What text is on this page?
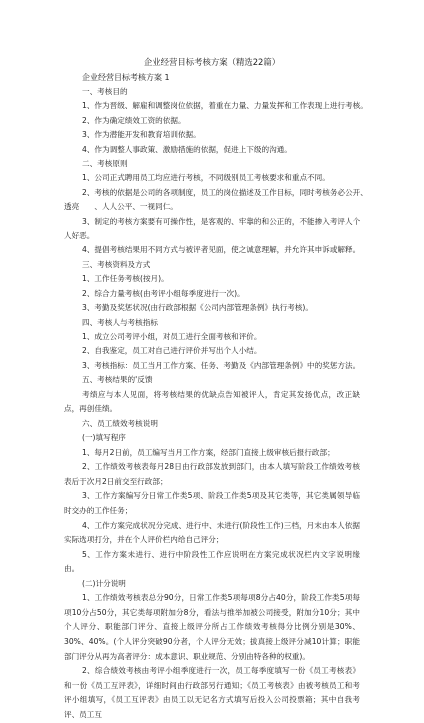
企业经营目标考核方案（精选22篇）
企业经营目标考核方案 1
一、考核目的
1、作为晋级、解雇和调整岗位依据，着重在力量、力量发挥和工作表现上进行考核。
2、作为确定绩效工资的依据。
3、作为潜能开发和教育培训依据。
4、作为调整人事政策、激励措施的依据，促进上下级的沟通。
二、考核原则
1、公司正式聘用员工均应进行考核，不同级别员工考核要求和重点不同。
2、考核的依据是公司的各项制度，员工的岗位描述及工作目标，同时考核务必公开、
透亮　　、人人公平、一视同仁。
3、制定的考核方案要有可操作性，是客观的、牢靠的和公正的，不能掺入考评人个
人好恶。
4、提倡考核结果用不同方式与被评者见面，使之诚意理解，并允许其申诉或解释。
三、考核资料及方式
1、工作任务考核(按月)。
2、综合力量考核(由考评小组每季度进行一次)。
3、考勤及奖惩状况(由行政部根据《公司内部管理条例》执行考核)。
四、考核人与考核指标
1、成立公司考评小组，对员工进行全面考核和评价。
2、自我鉴定，员工对自己进行评价并写出个人小结。
3、考核指标：员工当月工作方案、任务、考勤及《内部管理条例》中的奖惩方法。
五、考核结果的'反馈

考绩应与本人见面，将考核结果的优缺点告知被评人，肯定其发扬优点，改正缺点，再创佳绩。

六、员工绩效考核说明
(一)填写程序

1、每月2日前，员工编写当月工作方案，经部门直接上级审核后报行政部；

2、工作绩效考核表每月28日由行政部发放到部门，由本人填写阶段工作绩效考核表后于次月2日前交至行政部；

3、工作方案编写分日常工作类5项、阶段工作类5项及其它类等，其它类属领导临时交办的工作任务；

4、工作方案完成状况分完成、进行中、未进行(阶段性工作)三档，月末由本人依据实际选项打分，并在个人评价栏内给自己评分；

5、工作方案未进行、进行中阶段性工作应说明在方案完成状况栏内文字说明缘由。

(二)计分说明

1、工作绩效考核表总分90分，日常工作类5项每项8分占40分，阶段工作类5项每项10分占50分，其它类每项附加分8分，看法与推举加被公司接受，附加分10分；其中个人评分、职能部门评分、直接上级评分所占工作绩效考核得分比例分别是30%、30%、40%。(个人评分突破90分者，个人评分无效；拔真接上级评分减10计算；职能部门评分从再为高者评分：成本意识、职业规范、分别由特各种的权重)。

2、综合绩效考核由考评小组季度进行一次，员工每季度填写一份《员工考核表》和一份《员工互评表》，详细时间由行政部另行通知；《员工考核表》由被考核员工和考评小组填写，《员工互评表》由员工以无记名方式填写后投入公司投票箱；其中自我考评、员工互
